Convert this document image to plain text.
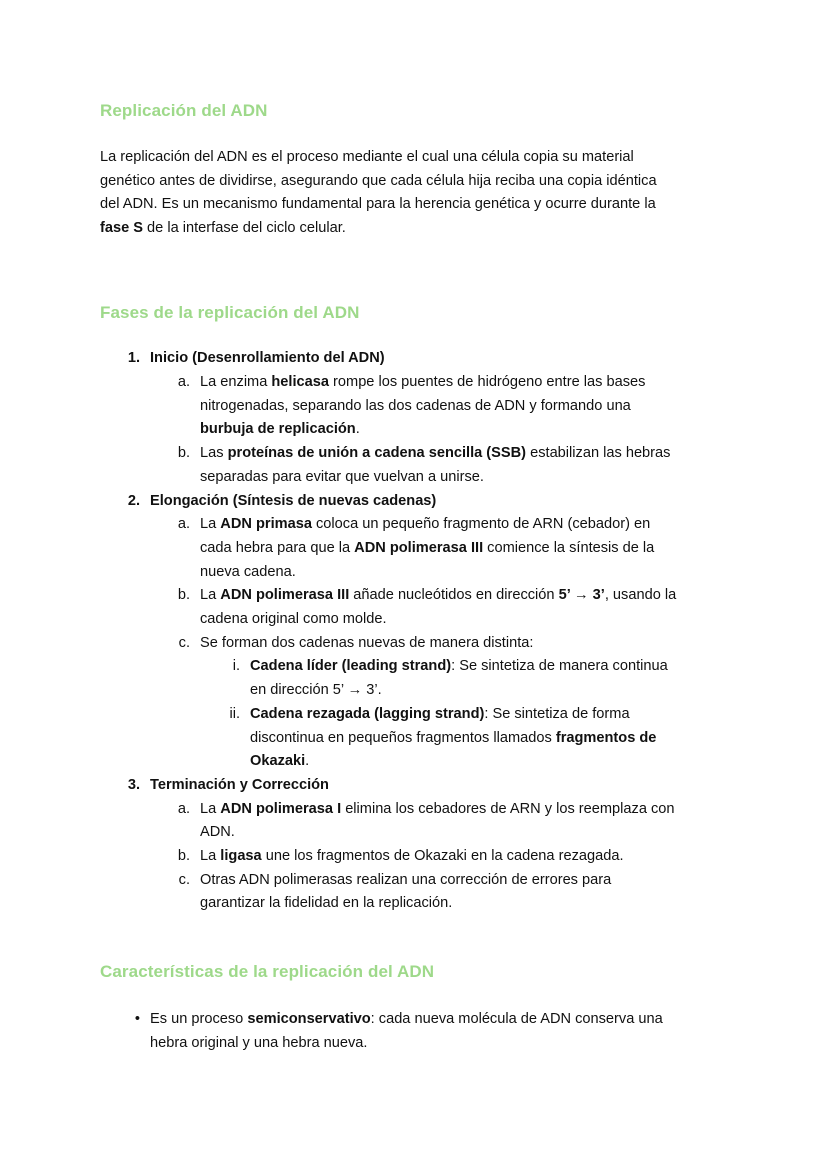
Replicación del ADN
La replicación del ADN es el proceso mediante el cual una célula copia su material
genético antes de dividirse, asegurando que cada célula hija reciba una copia idéntica
del ADN. Es un mecanismo fundamental para la herencia genética y ocurre durante la
fase S de la interfase del ciclo celular.
Fases de la replicación del ADN
1. Inicio (Desenrollamiento del ADN)
a. La enzima helicasa rompe los puentes de hidrógeno entre las bases
nitrogenadas, separando las dos cadenas de ADN y formando una
burbuja de replicación.
b. Las proteínas de unión a cadena sencilla (SSB) estabilizan las hebras
separadas para evitar que vuelvan a unirse.
2. Elongación (Síntesis de nuevas cadenas)
a. La ADN primasa coloca un pequeño fragmento de ARN (cebador) en
cada hebra para que la ADN polimerasa III comience la síntesis de la
nueva cadena.
b. La ADN polimerasa III añade nucleótidos en dirección 5’ → 3’, usando la
cadena original como molde.
c. Se forman dos cadenas nuevas de manera distinta:
i. Cadena líder (leading strand): Se sintetiza de manera continua
en dirección 5’ → 3’.
ii. Cadena rezagada (lagging strand): Se sintetiza de forma
discontinua en pequeños fragmentos llamados fragmentos de
Okazaki.
3. Terminación y Corrección
a. La ADN polimerasa I elimina los cebadores de ARN y los reemplaza con
ADN.
b. La ligasa une los fragmentos de Okazaki en la cadena rezagada.
c. Otras ADN polimerasas realizan una corrección de errores para
garantizar la fidelidad en la replicación.
Características de la replicación del ADN
• Es un proceso semiconservativo: cada nueva molécula de ADN conserva una
hebra original y una hebra nueva.
